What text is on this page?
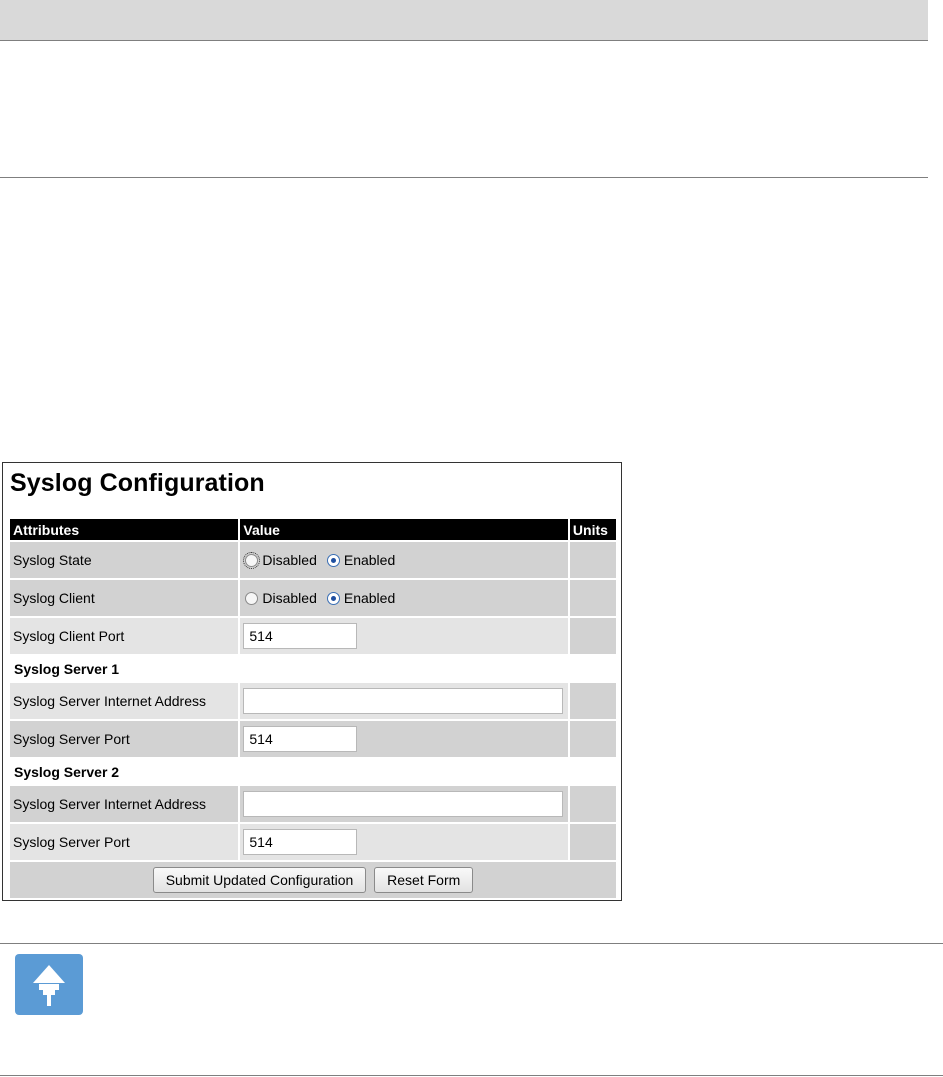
Syslog Configuration
Attributes	Value	Units
Syslog State	Disabled Enabled	

Syslog Client	Disabled Enabled	

Syslog Client Port	514	
Syslog Server 1		
Syslog Server Internet Address		
Syslog Server Port	514	
Syslog Server 2		
Syslog Server Internet Address		
Syslog Server Port	514	
Submit Updated Configuration Reset Form		
